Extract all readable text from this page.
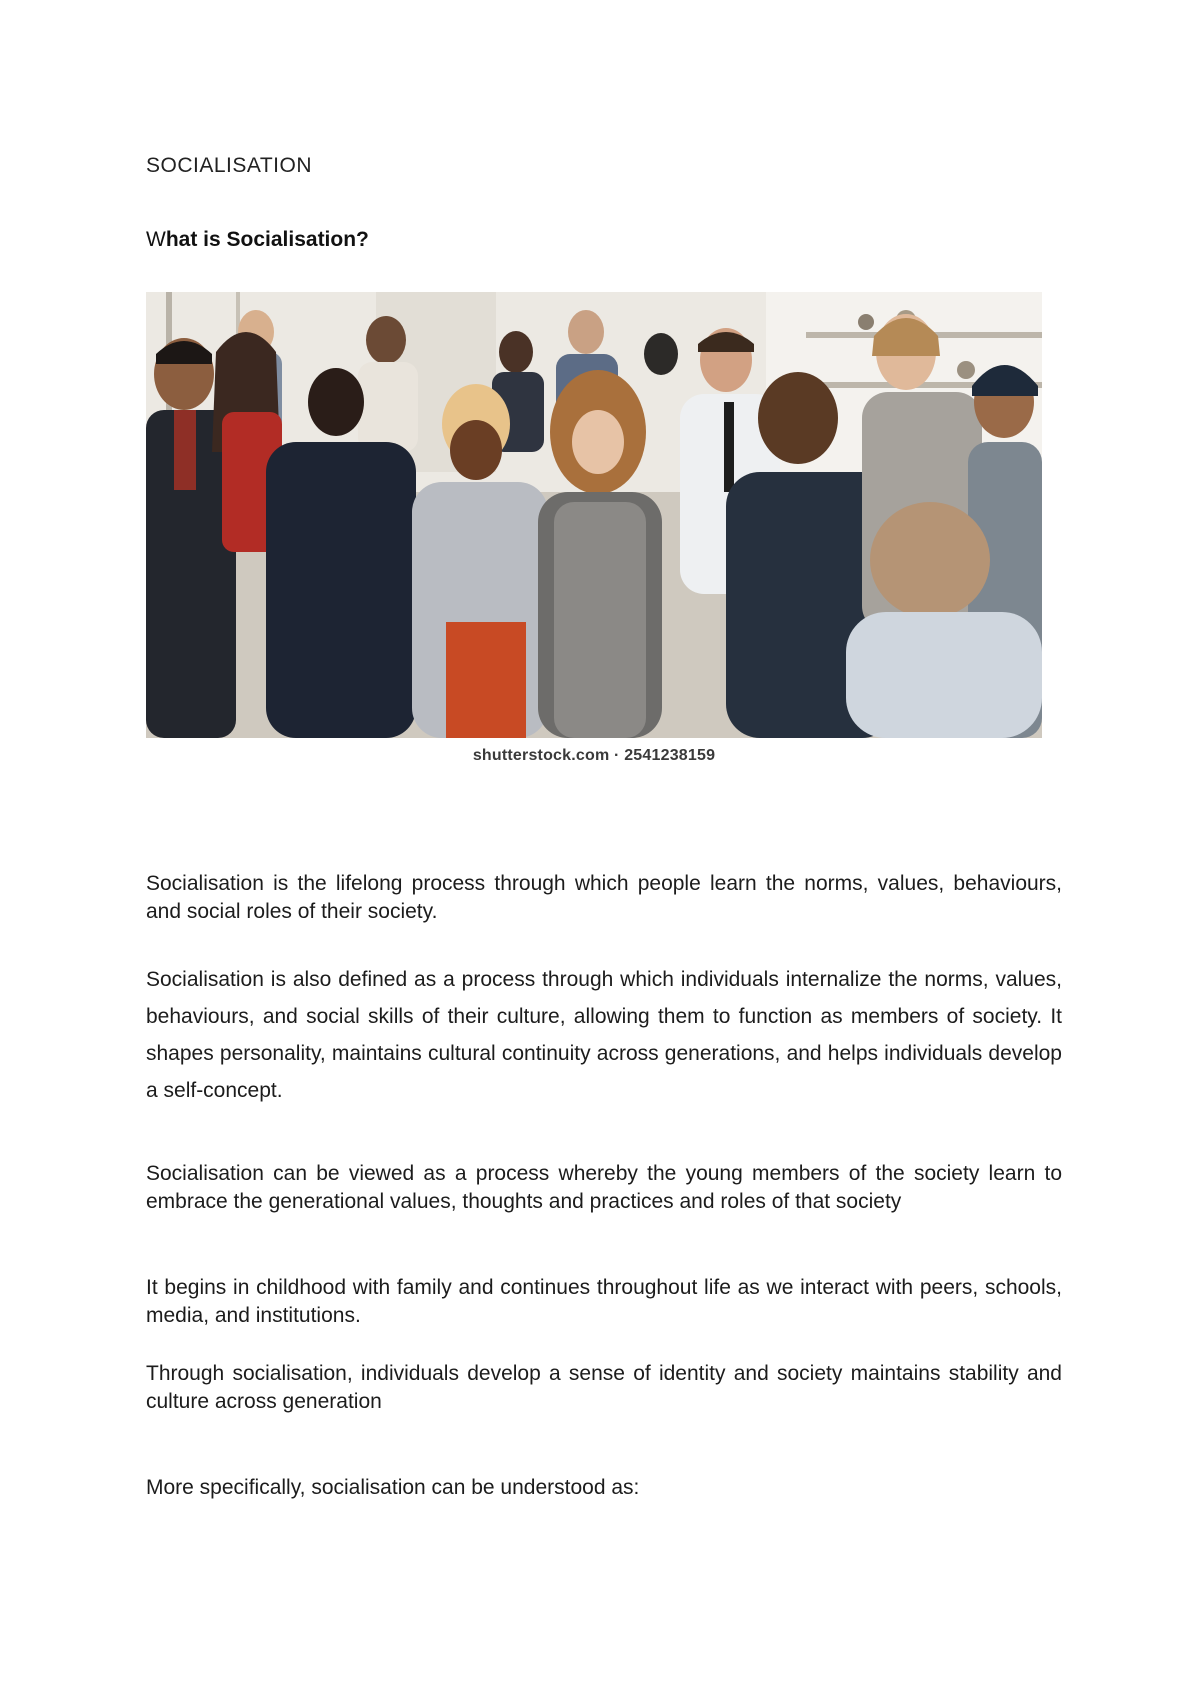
SOCIALISATION
What is Socialisation?
shutterstock.com · 2541238159

Socialisation is the lifelong process through which people learn the norms, values, behaviours, and social roles of their society.

Socialisation is also defined as a process through which individuals internalize the norms, values, behaviours, and social skills of their culture, allowing them to function as members of society. It shapes personality, maintains cultural continuity across generations, and helps individuals develop a self-concept.

Socialisation can be viewed as a process whereby the young members of the society learn to embrace the generational values, thoughts and practices and roles of that society

It begins in childhood with family and continues throughout life as we interact with peers, schools, media, and institutions.

Through socialisation, individuals develop a sense of identity and society maintains stability and culture across generation

More specifically, socialisation can be understood as:
